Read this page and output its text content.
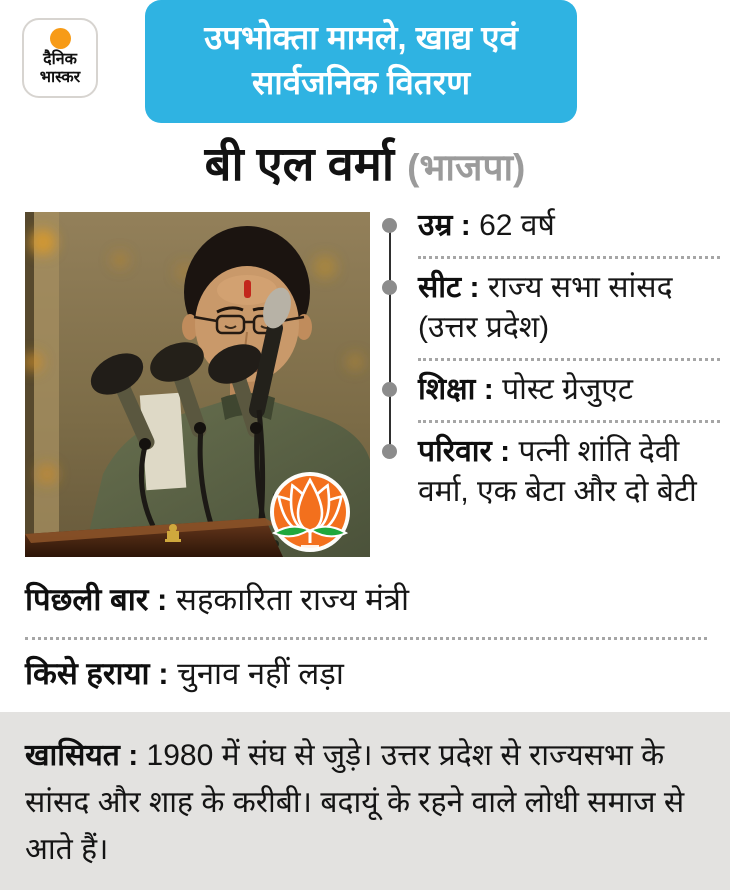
दैनिक
भास्कर
उपभोक्ता मामले, खाद्य एवं
सार्वजनिक वितरण
बी एल वर्मा (भाजपा)
उम्र : 62 वर्ष
सीट : राज्य सभा सांसद (उत्तर प्रदेश)
शिक्षा : पोस्ट ग्रेजुएट
परिवार : पत्नी शांति देवी वर्मा, एक बेटा और दो बेटी
पिछली बार : सहकारिता राज्य मंत्री
किसे हराया : चुनाव नहीं लड़ा
खासियत : 1980 में संघ से जुड़े। उत्तर प्रदेश से राज्यसभा के सांसद और शाह के करीबी। बदायूं के रहने वाले लोधी समाज से आते हैं।
